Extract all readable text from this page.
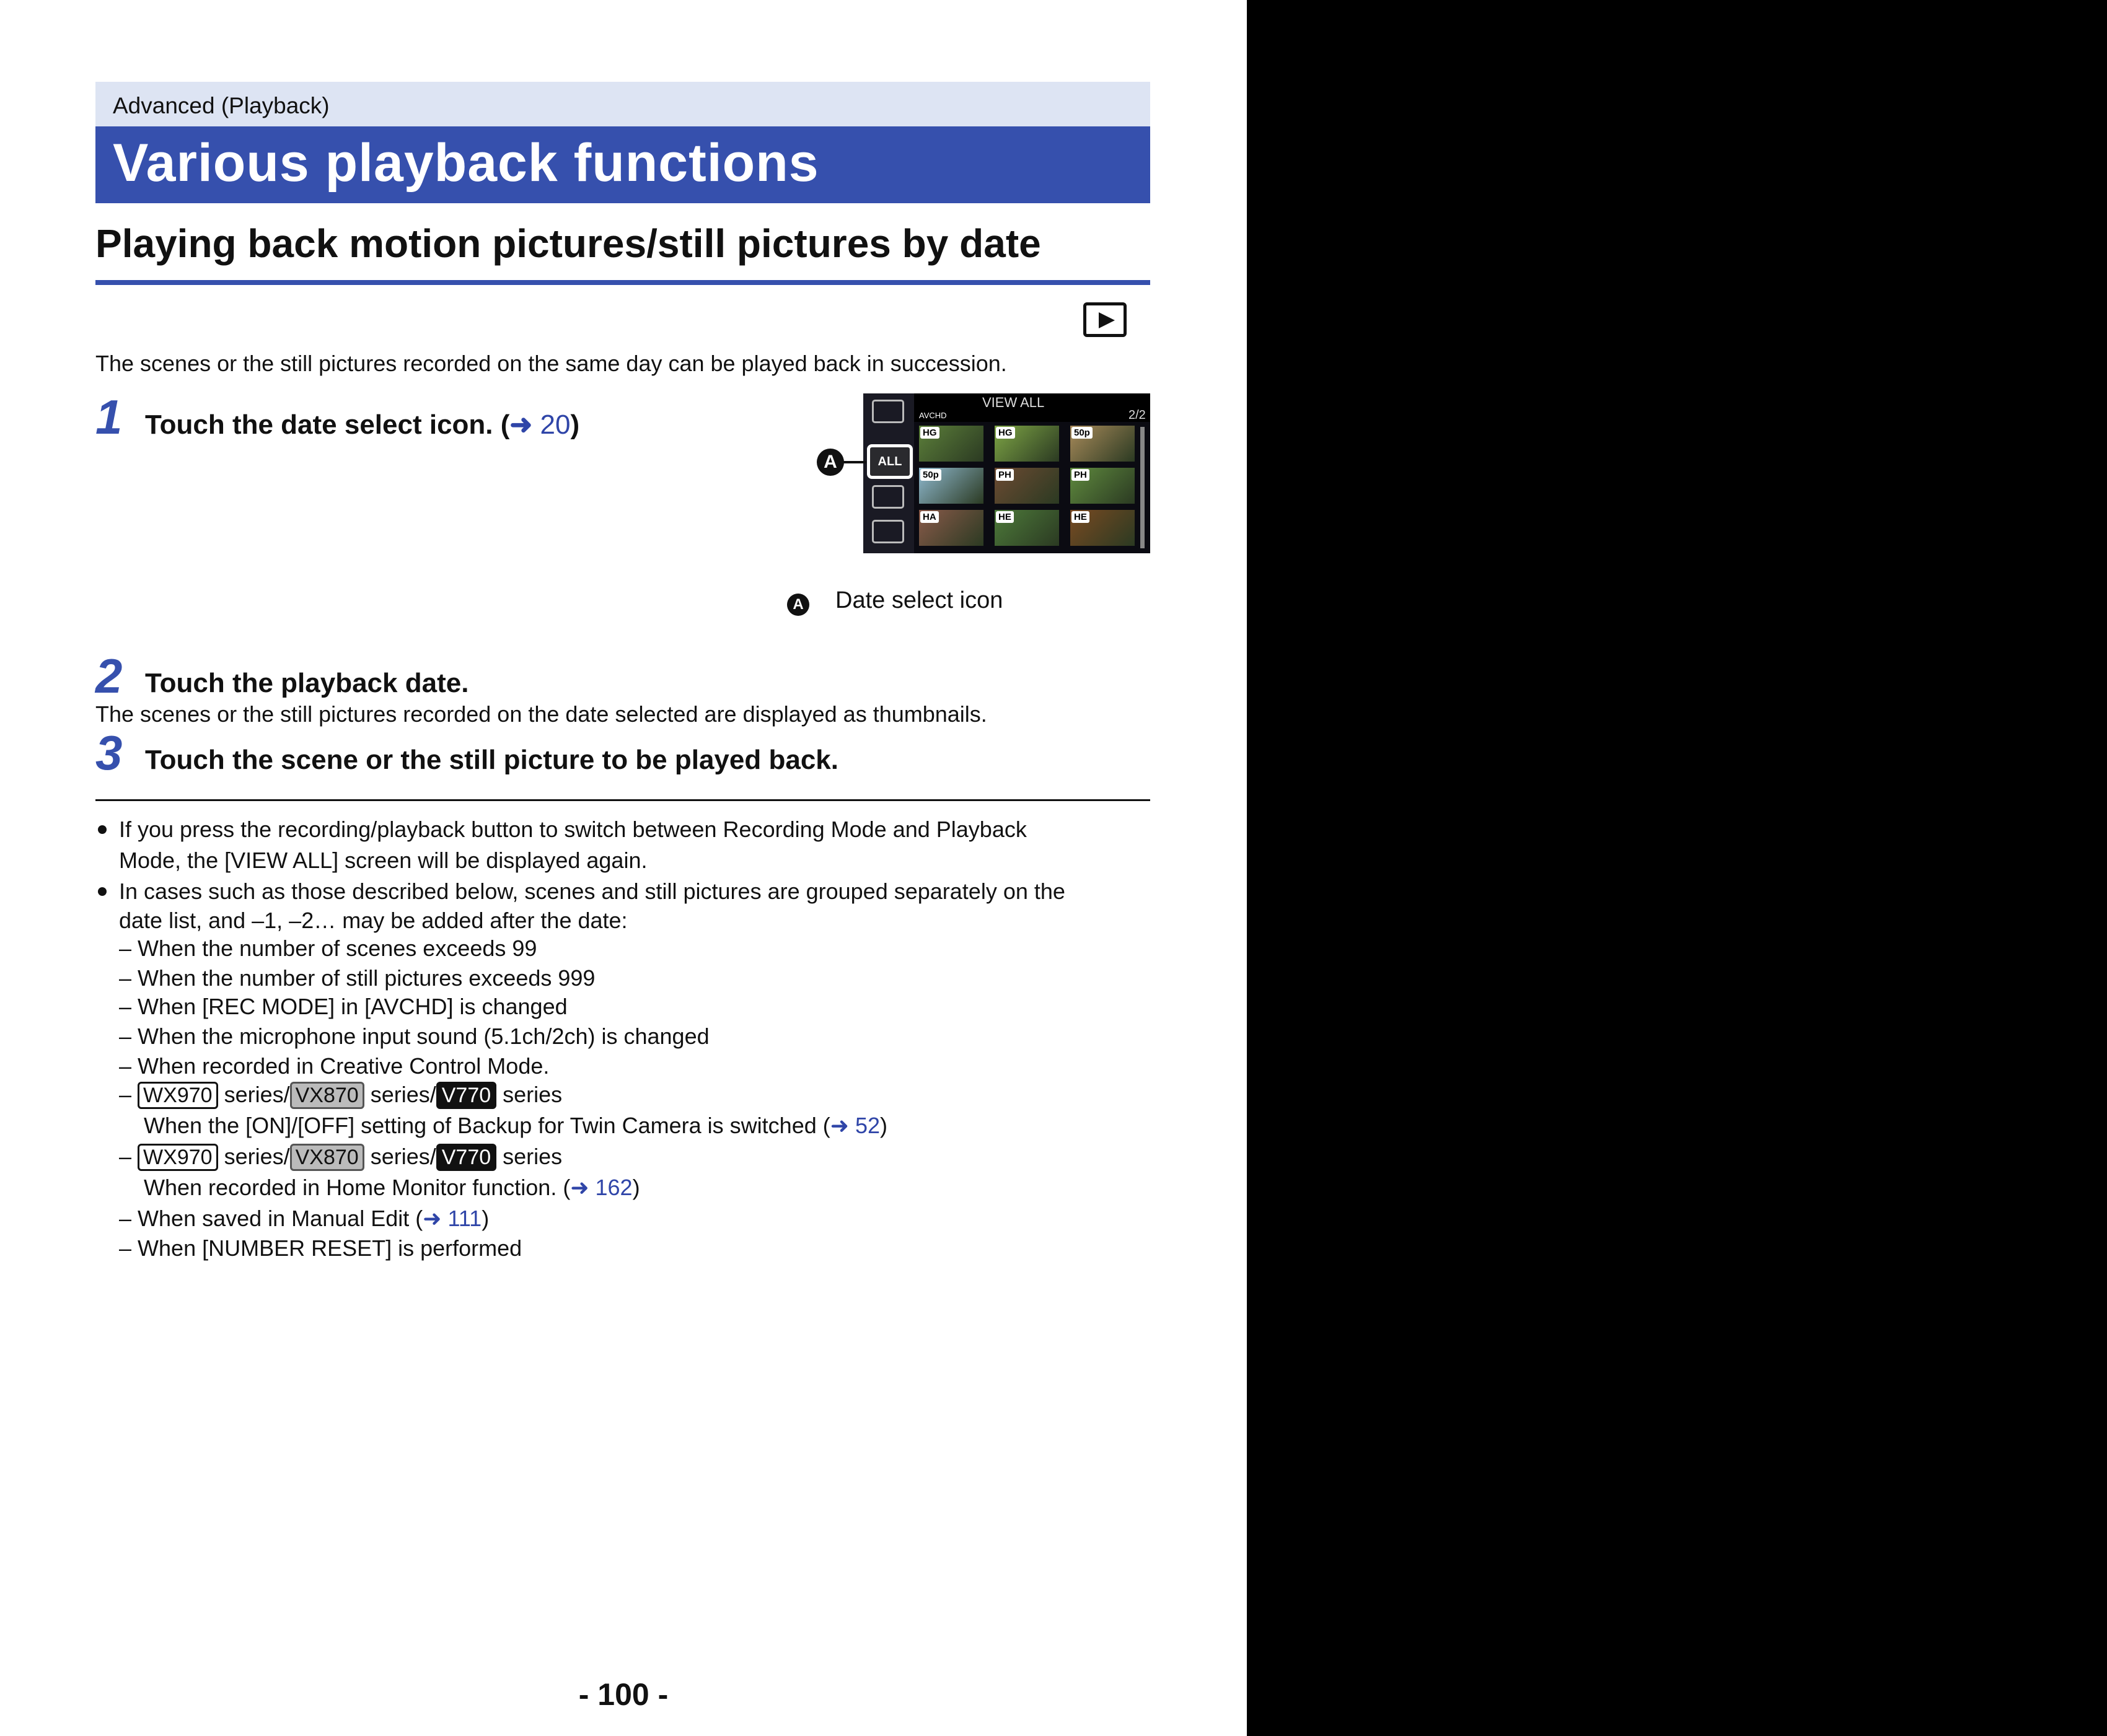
Advanced (Playback)
Various playback functions
Playing back motion pictures/still pictures by date
The scenes or the still pictures recorded on the same day can be played back in succession.
1 Touch the date select icon. (➜ 20)
ALL
AVCHD
VIEW ALL
2/2
HG	HG	50p
50p	PH	PH
HA	HE	HE
A
A Date select icon
2 Touch the playback date.
The scenes or the still pictures recorded on the date selected are displayed as thumbnails.
3 Touch the scene or the still picture to be played back.
If you press the recording/playback button to switch between Recording Mode and Playback
Mode, the [VIEW ALL] screen will be displayed again.
In cases such as those described below, scenes and still pictures are grouped separately on the
date list, and –1, –2… may be added after the date:
– When the number of scenes exceeds 99
– When the number of still pictures exceeds 999
– When [REC MODE] in [AVCHD] is changed
– When the microphone input sound (5.1ch/2ch) is changed
– When recorded in Creative Control Mode.
– WX970 series/ VX870 series/ V770 series
When the [ON]/[OFF] setting of Backup for Twin Camera is switched (➜ 52)
– WX970 series/ VX870 series/ V770 series
When recorded in Home Monitor function. (➜ 162)
– When saved in Manual Edit (➜ 111)
– When [NUMBER RESET] is performed
- 100 -
